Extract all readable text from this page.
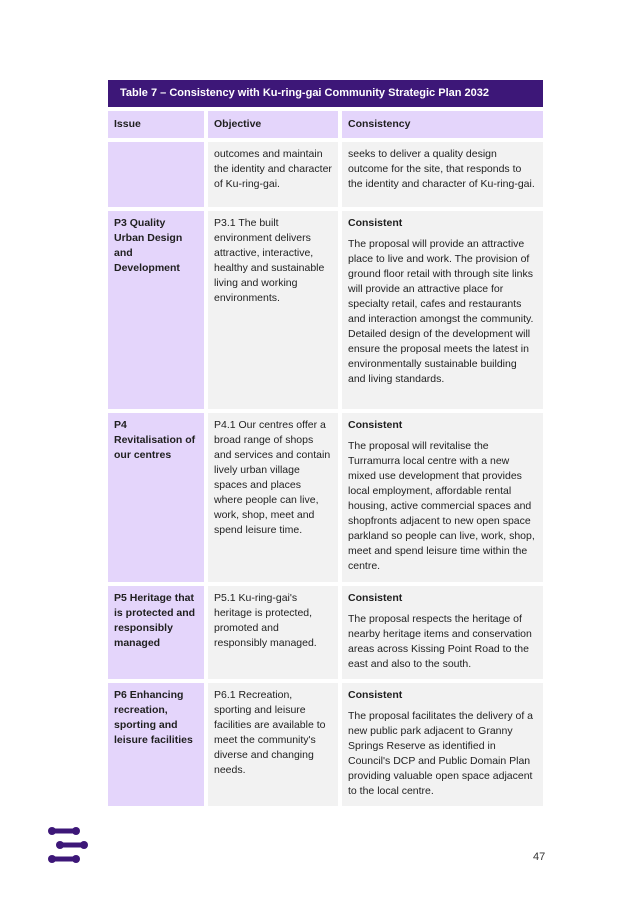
Table 7 – Consistency with Ku-ring-gai Community Strategic Plan 2032
Issue	Objective	Consistency
outcomes and maintain the identity and character of Ku-ring-gai.
seeks to deliver a quality design outcome for the site, that responds to the identity and character of Ku-ring-gai.
P3 Quality Urban Design and Development
P3.1 The built environment delivers attractive, interactive, healthy and sustainable living and working environments.
Consistent
The proposal will provide an attractive place to live and work. The provision of ground floor retail with through site links will provide an attractive place for specialty retail, cafes and restaurants and interaction amongst the community. Detailed design of the development will ensure the proposal meets the latest in environmentally sustainable building and living standards.
P4 Revitalisation of our centres
P4.1 Our centres offer a broad range of shops and services and contain lively urban village spaces and places where people can live, work, shop, meet and spend leisure time.
Consistent
The proposal will revitalise the Turramurra local centre with a new mixed use development that provides local employment, affordable rental housing, active commercial spaces and shopfronts adjacent to new open space parkland so people can live, work, shop, meet and spend leisure time within the centre.
P5 Heritage that is protected and responsibly managed
P5.1 Ku-ring-gai's heritage is protected, promoted and responsibly managed.
Consistent
The proposal respects the heritage of nearby heritage items and conservation areas across Kissing Point Road to the east and also to the south.
P6 Enhancing recreation, sporting and leisure facilities
P6.1 Recreation, sporting and leisure facilities are available to meet the community's diverse and changing needs.
Consistent
The proposal facilitates the delivery of a new public park adjacent to Granny Springs Reserve as identified in Council's DCP and Public Domain Plan providing valuable open space adjacent to the local centre.
47
